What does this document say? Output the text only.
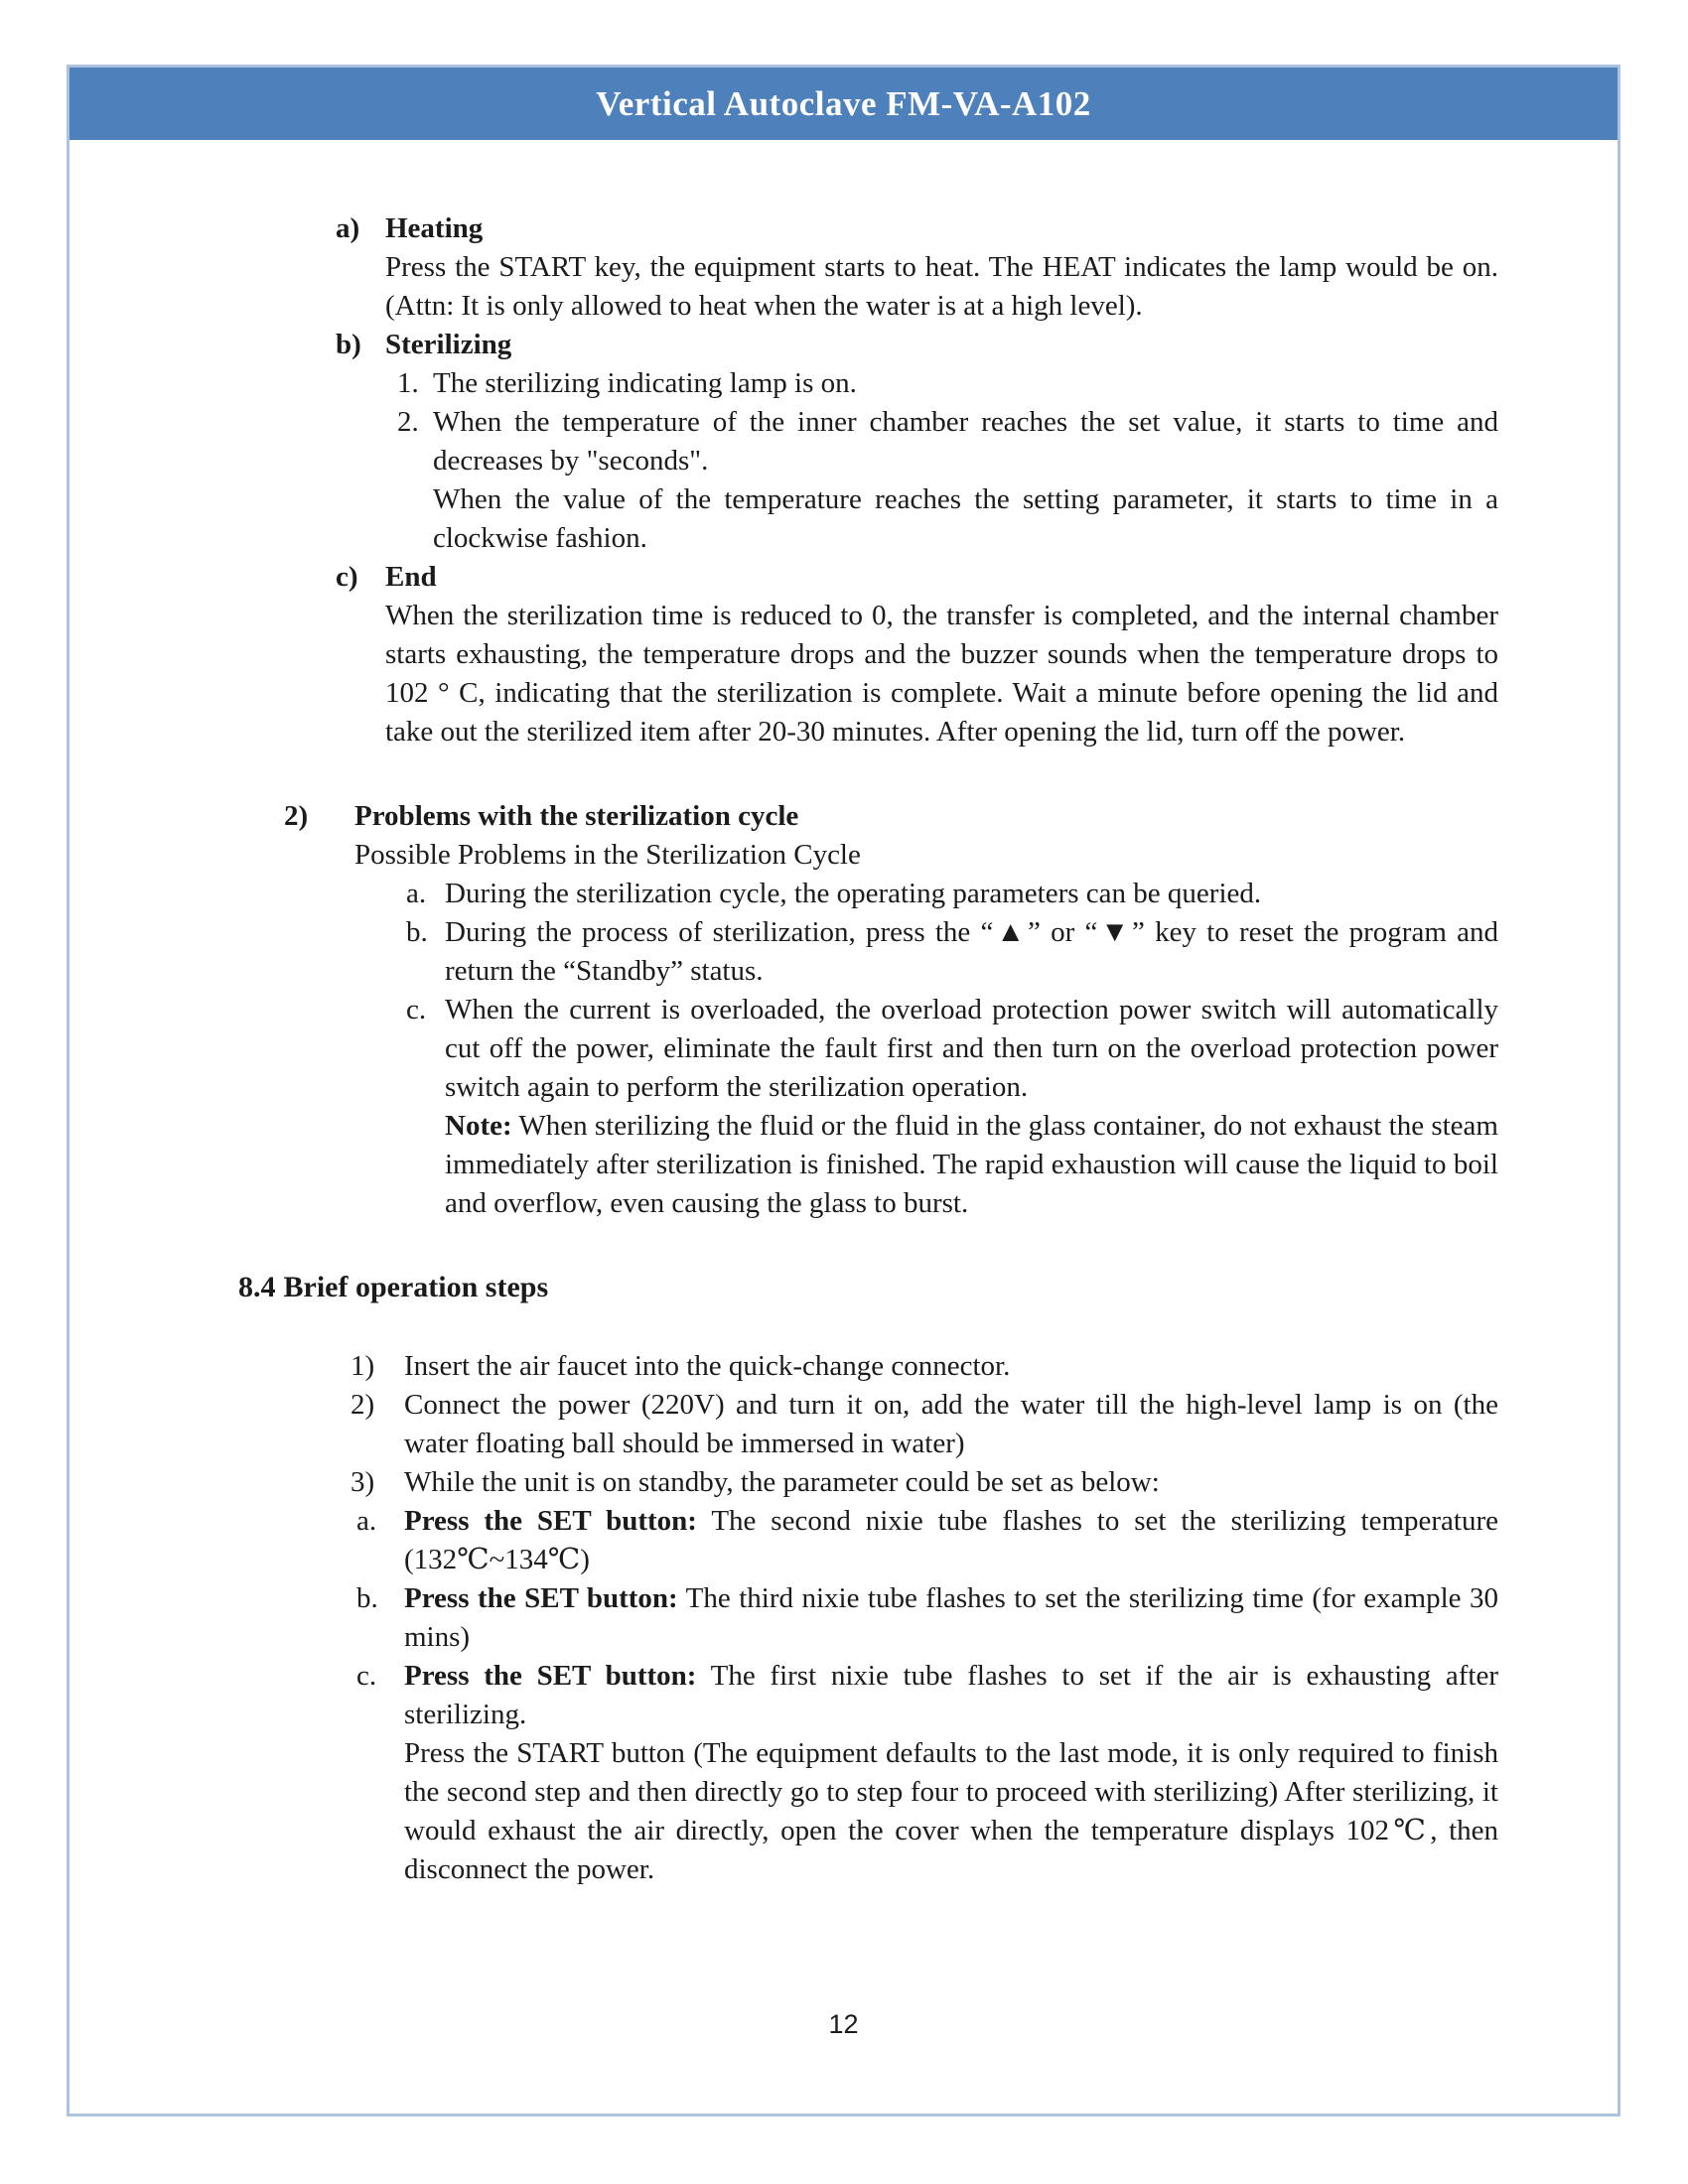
Vertical Autoclave FM-VA-A102
a) Heating

Press the START key, the equipment starts to heat. The HEAT indicates the lamp would be on. (Attn: It is only allowed to heat when the water is at a high level).

b) Sterilizing
1. The sterilizing indicating lamp is on.

2. When the temperature of the inner chamber reaches the set value, it starts to time and decreases by "seconds".

When the value of the temperature reaches the setting parameter, it starts to time in a clockwise fashion.

c) End

When the sterilization time is reduced to 0, the transfer is completed, and the internal chamber starts exhausting, the temperature drops and the buzzer sounds when the temperature drops to 102 ° C, indicating that the sterilization is complete. Wait a minute before opening the lid and take out the sterilized item after 20-30 minutes. After opening the lid, turn off the power.

2)	Problems with the sterilization cycle

Possible Problems in the Sterilization Cycle

a. During the sterilization cycle, the operating parameters can be queried.

b. During the process of sterilization, press the “▲” or “▼” key to reset the program and return the “Standby” status.

c. When the current is overloaded, the overload protection power switch will automatically cut off the power, eliminate the fault first and then turn on the overload protection power switch again to perform the sterilization operation.

Note: When sterilizing the fluid or the fluid in the glass container, do not exhaust the steam immediately after sterilization is finished. The rapid exhaustion will cause the liquid to boil and overflow, even causing the glass to burst.

8.4 Brief operation steps
1)	Insert the air faucet into the quick-change connector.

2)	Connect the power (220V) and turn it on, add the water till the high-level lamp is on (the water floating ball should be immersed in water)

3)	While the unit is on standby, the parameter could be set as below:

a. Press the SET button: The second nixie tube flashes to set the sterilizing temperature (132℃~134℃)

b. Press the SET button: The third nixie tube flashes to set the sterilizing time (for example 30 mins)

c. Press the SET button: The first nixie tube flashes to set if the air is exhausting after sterilizing.

Press the START button (The equipment defaults to the last mode, it is only required to finish the second step and then directly go to step four to proceed with sterilizing) After sterilizing, it would exhaust the air directly, open the cover when the temperature displays 102℃, then disconnect the power.

12
